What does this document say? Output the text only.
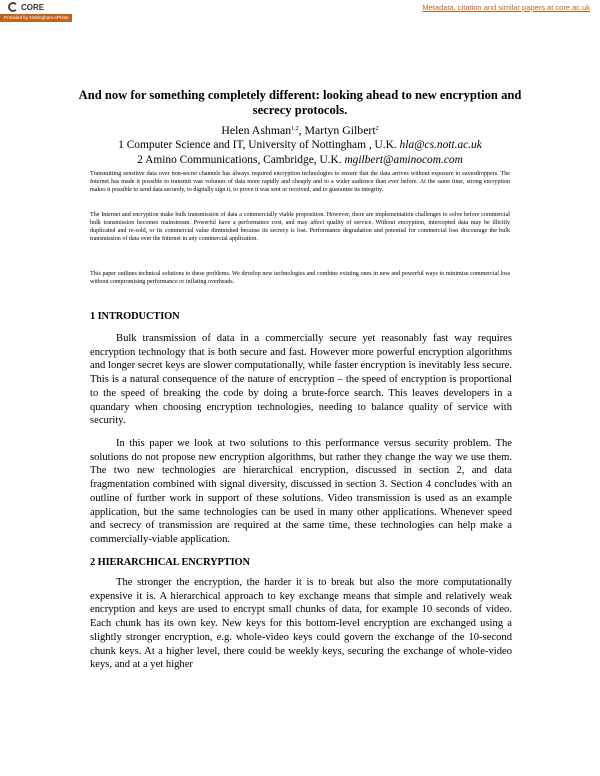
CORE
Provided by Nottingham ePrints
Metadata, citation and similar papers at core.ac.uk
And now for something completely different: looking ahead to new encryption and secrecy protocols.
Helen Ashman$^{1,2}$, Martyn Gilbert$^2$
1 Computer Science and IT, University of Nottingham , U.K. hla@cs.nott.ac.uk
2 Amino Communications, Cambridge, U.K. mgilbert@aminocom.com

Transmitting sensitive data over non-secret channels has always required encryption technologies to ensure that the data arrives without exposure to eavesdroppers. The Internet has made it possible to transmit vast volumes of data more rapidly and cheaply and to a wider audience than ever before. At the same time, strong encryption makes it possible to send data securely, to digitally sign it, to prove it was sent or received, and to guarantee its integrity.

The Internet and encryption make bulk transmission of data a commercially viable proposition. However, there are implementation challenges to solve before commercial bulk transmission becomes mainstream. Powerful have a performance cost, and may affect quality of service. Without encryption, intercepted data may be illicitly duplicated and re-sold, or its commercial value diminished because its secrecy is lost. Performance degradation and potential for commercial loss discourage the bulk transmission of data over the Internet in any commercial application.

This paper outlines technical solutions to these problems. We develop new technologies and combine existing ones in new and powerful ways to minimise commercial loss without compromising performance or inflating overheads.

1 INTRODUCTION

Bulk transmission of data in a commercially secure yet reasonably fast way requires encryption technology that is both secure and fast. However more powerful encryption algorithms and longer secret keys are slower computationally, while faster encryption is inevitably less secure. This is a natural consequence of the nature of encryption – the speed of encryption is proportional to the speed of breaking the code by doing a brute-force search. This leaves developers in a quandary when choosing encryption technologies, needing to balance quality of service with security.

In this paper we look at two solutions to this performance versus security problem. The solutions do not propose new encryption algorithms, but rather they change the way we use them. The two new technologies are hierarchical encryption, discussed in section 2, and data fragmentation combined with signal diversity, discussed in section 3. Section 4 concludes with an outline of further work in support of these solutions. Video transmission is used as an example application, but the same technologies can be used in many other applications. Whenever speed and secrecy of transmission are required at the same time, these technologies can help make a commercially-viable application.

2 HIERARCHICAL ENCRYPTION

The stronger the encryption, the harder it is to break but also the more computationally expensive it is. A hierarchical approach to key exchange means that simple and relatively weak encryption and keys are used to encrypt small chunks of data, for example 10 seconds of video. Each chunk has its own key. New keys for this bottom-level encryption are exchanged using a slightly stronger encryption, e.g. whole-video keys could govern the exchange of the 10-second chunk keys. At a higher level, there could be weekly keys, securing the exchange of whole-video keys, and at a yet higher
